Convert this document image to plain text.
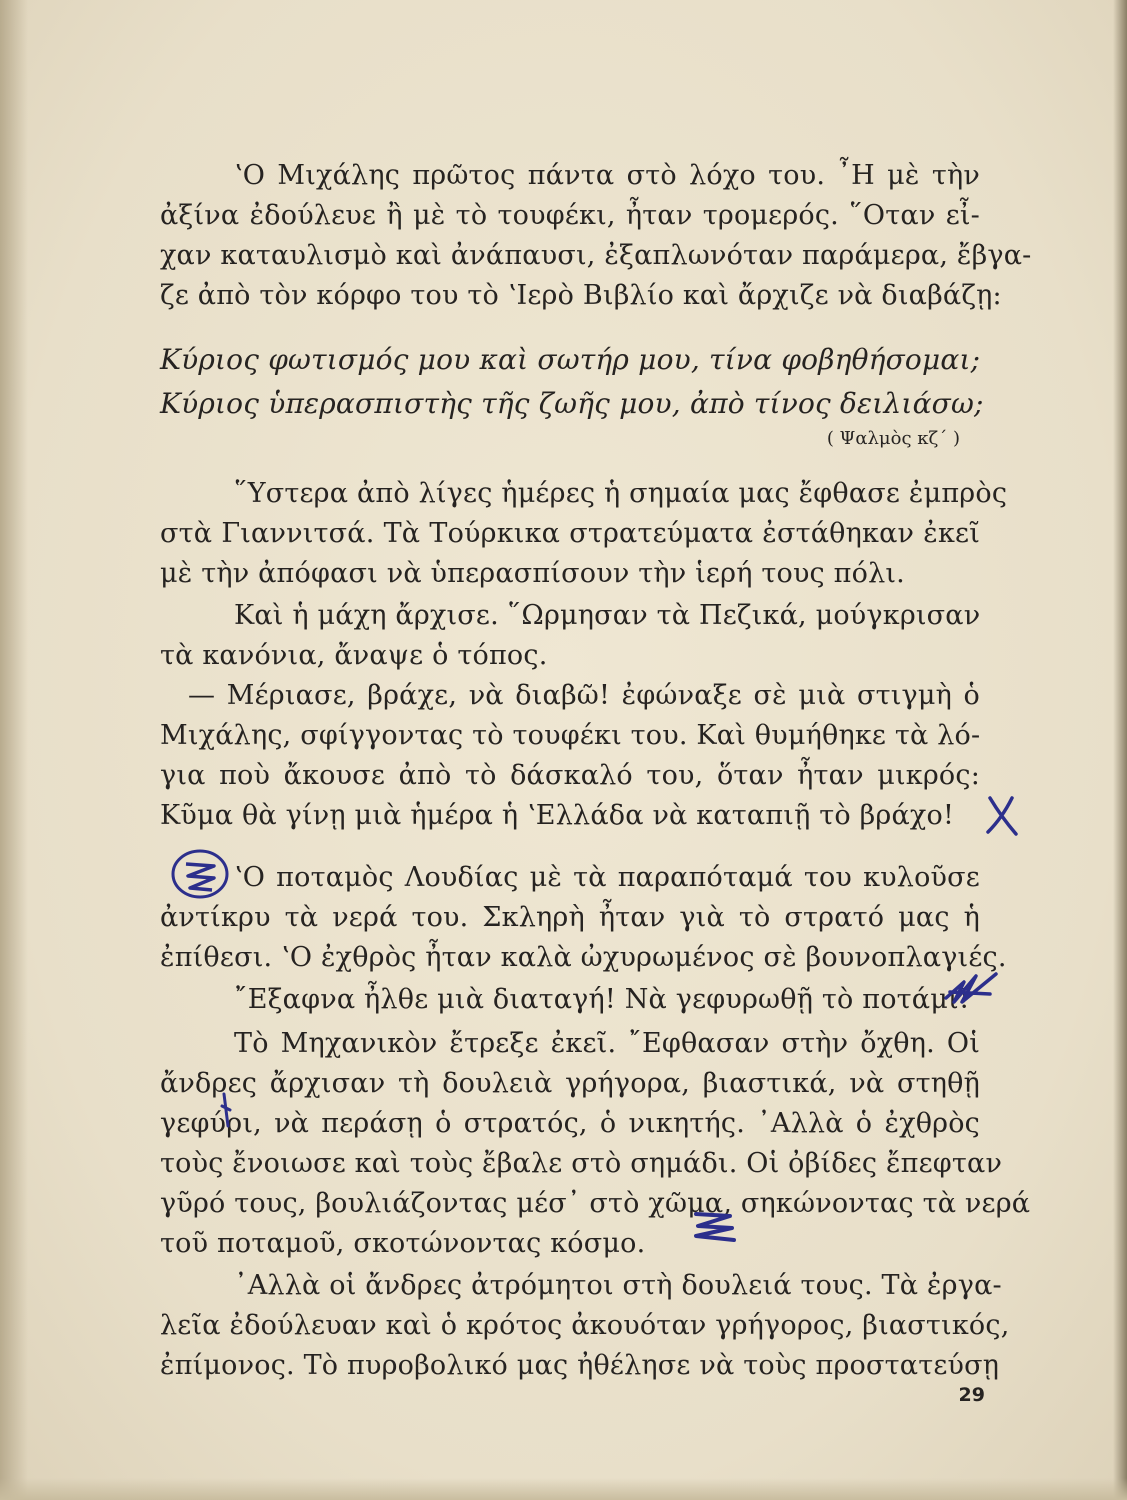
ʽΟ Μιχάλης πρῶτος πάντα στὸ λόχο του. ῏Η μὲ τὴν
ἀξίνα ἐδούλευε ἢ μὲ τὸ τουφέκι, ἦταν τρομερός. ῞Οταν εἶ-
χαν καταυλισμὸ καὶ ἀνάπαυσι, ἐξαπλωνόταν παράμερα, ἔβγα-
ζε ἀπὸ τὸν κόρφο του τὸ ʽΙερὸ Βιβλίο καὶ ἄρχιζε νὰ διαβάζῃ:
Κύριος φωτισμός μου καὶ σωτήρ μου, τίνα φοβηθήσομαι;
Κύριος ὑπερασπιστὴς τῆς ζωῆς μου, ἀπὸ τίνος δειλιάσω;
( Ψαλμὸς κζ΄ )
῞Υστερα ἀπὸ λίγες ἡμέρες ἡ σημαία μας ἔφθασε ἐμπρὸς
στὰ Γιαννιτσά. Τὰ Τούρκικα στρατεύματα ἐστάθηκαν ἐκεῖ
μὲ τὴν ἀπόφασι νὰ ὑπερασπίσουν τὴν ἱερή τους πόλι.
Καὶ ἡ μάχη ἄρχισε. ῞Ωρμησαν τὰ Πεζικά, μούγκρισαν
τὰ κανόνια, ἄναψε ὁ τόπος.
— Μέριασε, βράχε, νὰ διαβῶ! ἐφώναξε σὲ μιὰ στιγμὴ ὁ
Μιχάλης, σφίγγοντας τὸ τουφέκι του. Καὶ θυμήθηκε τὰ λό-
για ποὺ ἄκουσε ἀπὸ τὸ δάσκαλό του, ὅταν ἦταν μικρός:
Κῦμα θὰ γίνῃ μιὰ ἡμέρα ἡ ʽΕλλάδα νὰ καταπιῇ τὸ βράχο!
ʽΟ ποταμὸς Λουδίας μὲ τὰ παραπόταμά του κυλοῦσε
ἀντίκρυ τὰ νερά του. Σκληρὴ ἦταν γιὰ τὸ στρατό μας ἡ
ἐπίθεσι. ʽΟ ἐχθρὸς ἦταν καλὰ ὠχυρωμένος σὲ βουνοπλαγιές.
῎Εξαφνα ἦλθε μιὰ διαταγή! Νὰ γεφυρωθῇ τὸ ποτάμι!
Τὸ Μηχανικὸν ἔτρεξε ἐκεῖ. ῎Εφθασαν στὴν ὄχθη. Οἱ
ἄνδρες ἄρχισαν τὴ δουλειὰ γρήγορα, βιαστικά, νὰ στηθῇ
γεφύρι, νὰ περάσῃ ὁ στρατός, ὁ νικητής. ᾿Αλλὰ ὁ ἐχθρὸς
τοὺς ἔνοιωσε καὶ τοὺς ἔβαλε στὸ σημάδι. Οἱ ὀβίδες ἔπεφταν
γῦρό τους, βουλιάζοντας μέσ᾿ στὸ χῶμα, σηκώνοντας τὰ νερά
τοῦ ποταμοῦ, σκοτώνοντας κόσμο.
᾿Αλλὰ οἱ ἄνδρες ἀτρόμητοι στὴ δουλειά τους. Τὰ ἐργα-
λεῖα ἐδούλευαν καὶ ὁ κρότος ἀκουόταν γρήγορος, βιαστικός,
ἐπίμονος. Τὸ πυροβολικό μας ἠθέλησε νὰ τοὺς προστατεύσῃ
29
